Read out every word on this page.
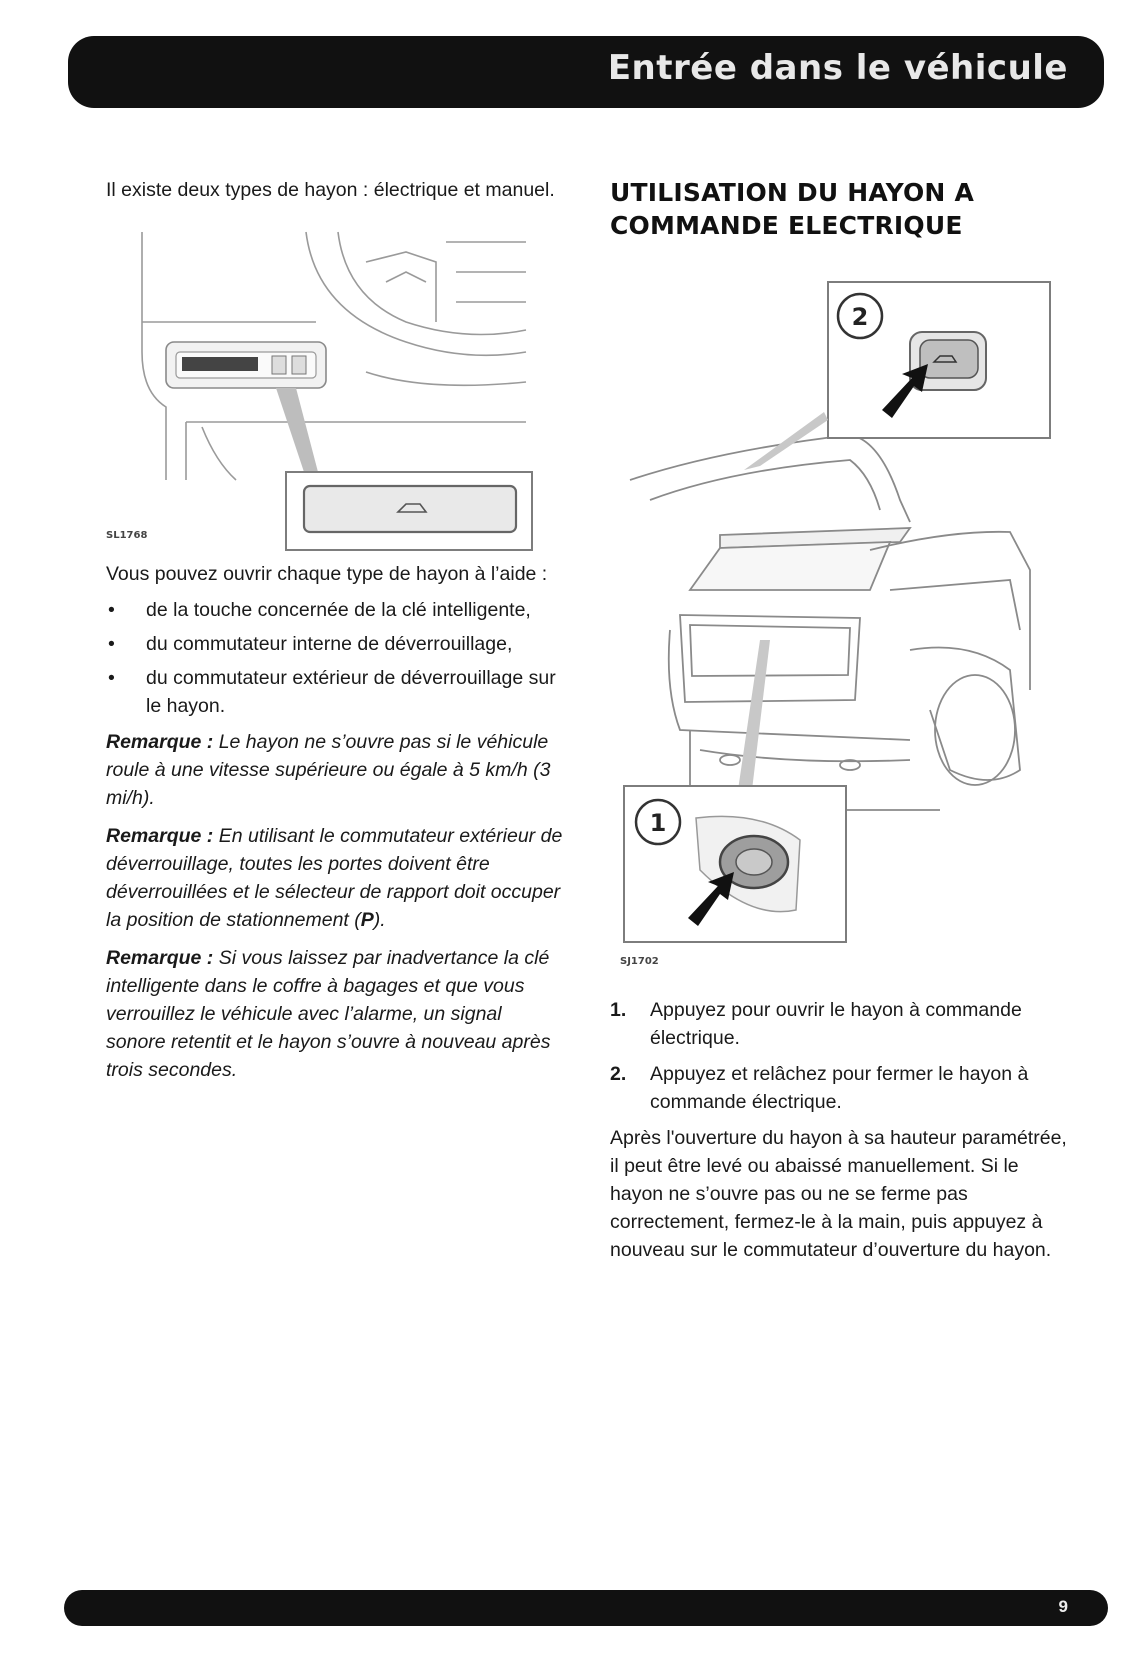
Entrée dans le véhicule

Il existe deux types de hayon : électrique et manuel.

SL1768

Vous pouvez ouvrir chaque type de hayon à l’aide :

• de la touche concernée de la clé intelligente,
• du commutateur interne de déverrouillage,
• du commutateur extérieur de déverrouillage sur le hayon.

Remarque : Le hayon ne s’ouvre pas si le véhicule roule à une vitesse supérieure ou égale à 5 km/h (3 mi/h).

Remarque : En utilisant le commutateur extérieur de déverrouillage, toutes les portes doivent être déverrouillées et le sélecteur de rapport doit occuper la position de stationnement (P).

Remarque : Si vous laissez par inadvertance la clé intelligente dans le coffre à bagages et que vous verrouillez le véhicule avec l’alarme, un signal sonore retentit et le hayon s’ouvre à nouveau après trois secondes.

UTILISATION DU HAYON A COMMANDE ELECTRIQUE
2
1
SJ1702
1. Appuyez pour ouvrir le hayon à commande électrique.
2. Appuyez et relâchez pour fermer le hayon à commande électrique.

Après l'ouverture du hayon à sa hauteur paramétrée, il peut être levé ou abaissé manuellement. Si le hayon ne s’ouvre pas ou ne se ferme pas correctement, fermez-le à la main, puis appuyez à nouveau sur le commutateur d’ouverture du hayon.

9
